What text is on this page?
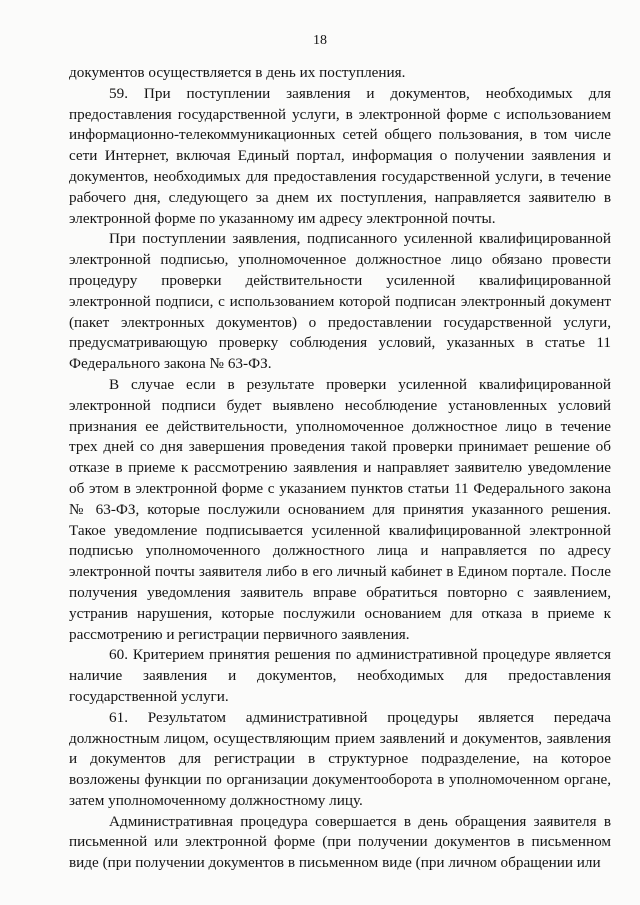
18

документов осуществляется в день их поступления.

59. При поступлении заявления и документов, необходимых для предоставления государственной услуги, в электронной форме с использованием информационно-телекоммуникационных сетей общего пользования, в том числе сети Интернет, включая Единый портал, информация о получении заявления и документов, необходимых для предоставления государственной услуги, в течение рабочего дня, следующего за днем их поступления, направляется заявителю в электронной форме по указанному им адресу электронной почты.

При поступлении заявления, подписанного усиленной квалифицированной электронной подписью, уполномоченное должностное лицо обязано провести процедуру проверки действительности усиленной квалифицированной электронной подписи, с использованием которой подписан электронный документ (пакет электронных документов) о предоставлении государственной услуги, предусматривающую проверку соблюдения условий, указанных в статье 11 Федерального закона № 63-ФЗ.

В случае если в результате проверки усиленной квалифицированной электронной подписи будет выявлено несоблюдение установленных условий признания ее действительности, уполномоченное должностное лицо в течение трех дней со дня завершения проведения такой проверки принимает решение об отказе в приеме к рассмотрению заявления и направляет заявителю уведомление об этом в электронной форме с указанием пунктов статьи 11 Федерального закона № 63-ФЗ, которые послужили основанием для принятия указанного решения. Такое уведомление подписывается усиленной квалифицированной электронной подписью уполномоченного должностного лица и направляется по адресу электронной почты заявителя либо в его личный кабинет в Едином портале. После получения уведомления заявитель вправе обратиться повторно с заявлением, устранив нарушения, которые послужили основанием для отказа в приеме к рассмотрению и регистрации первичного заявления.

60. Критерием принятия решения по административной процедуре является наличие заявления и документов, необходимых для предоставления государственной услуги.

61. Результатом административной процедуры является передача должностным лицом, осуществляющим прием заявлений и документов, заявления и документов для регистрации в структурное подразделение, на которое возложены функции по организации документооборота в уполномоченном органе, затем уполномоченному должностному лицу.

Административная процедура совершается в день обращения заявителя в письменной или электронной форме (при получении документов в письменном виде (при получении документов в письменном виде (при личном обращении или
